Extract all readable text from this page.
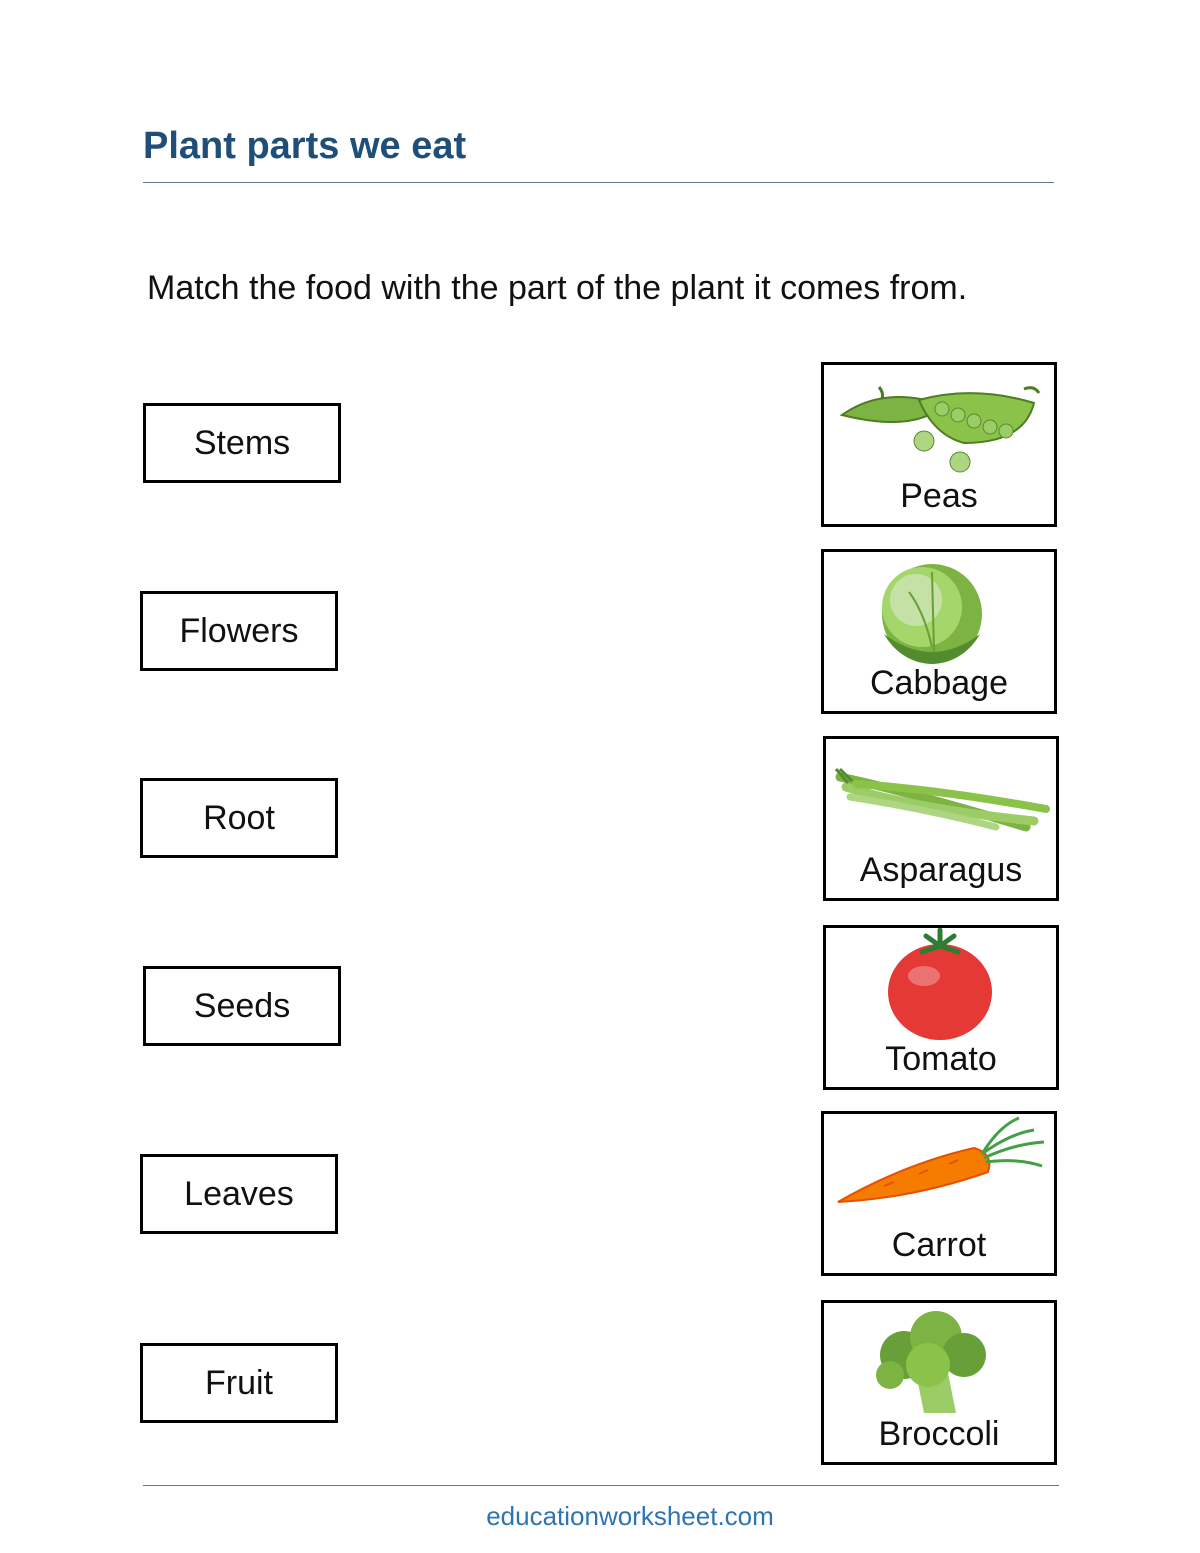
Plant parts we eat

Match the food with the part of the plant it comes from.

Stems
Flowers
Root
Seeds
Leaves
Fruit
Peas
Cabbage
Asparagus
Tomato
Carrot
Broccoli
educationworksheet.com
